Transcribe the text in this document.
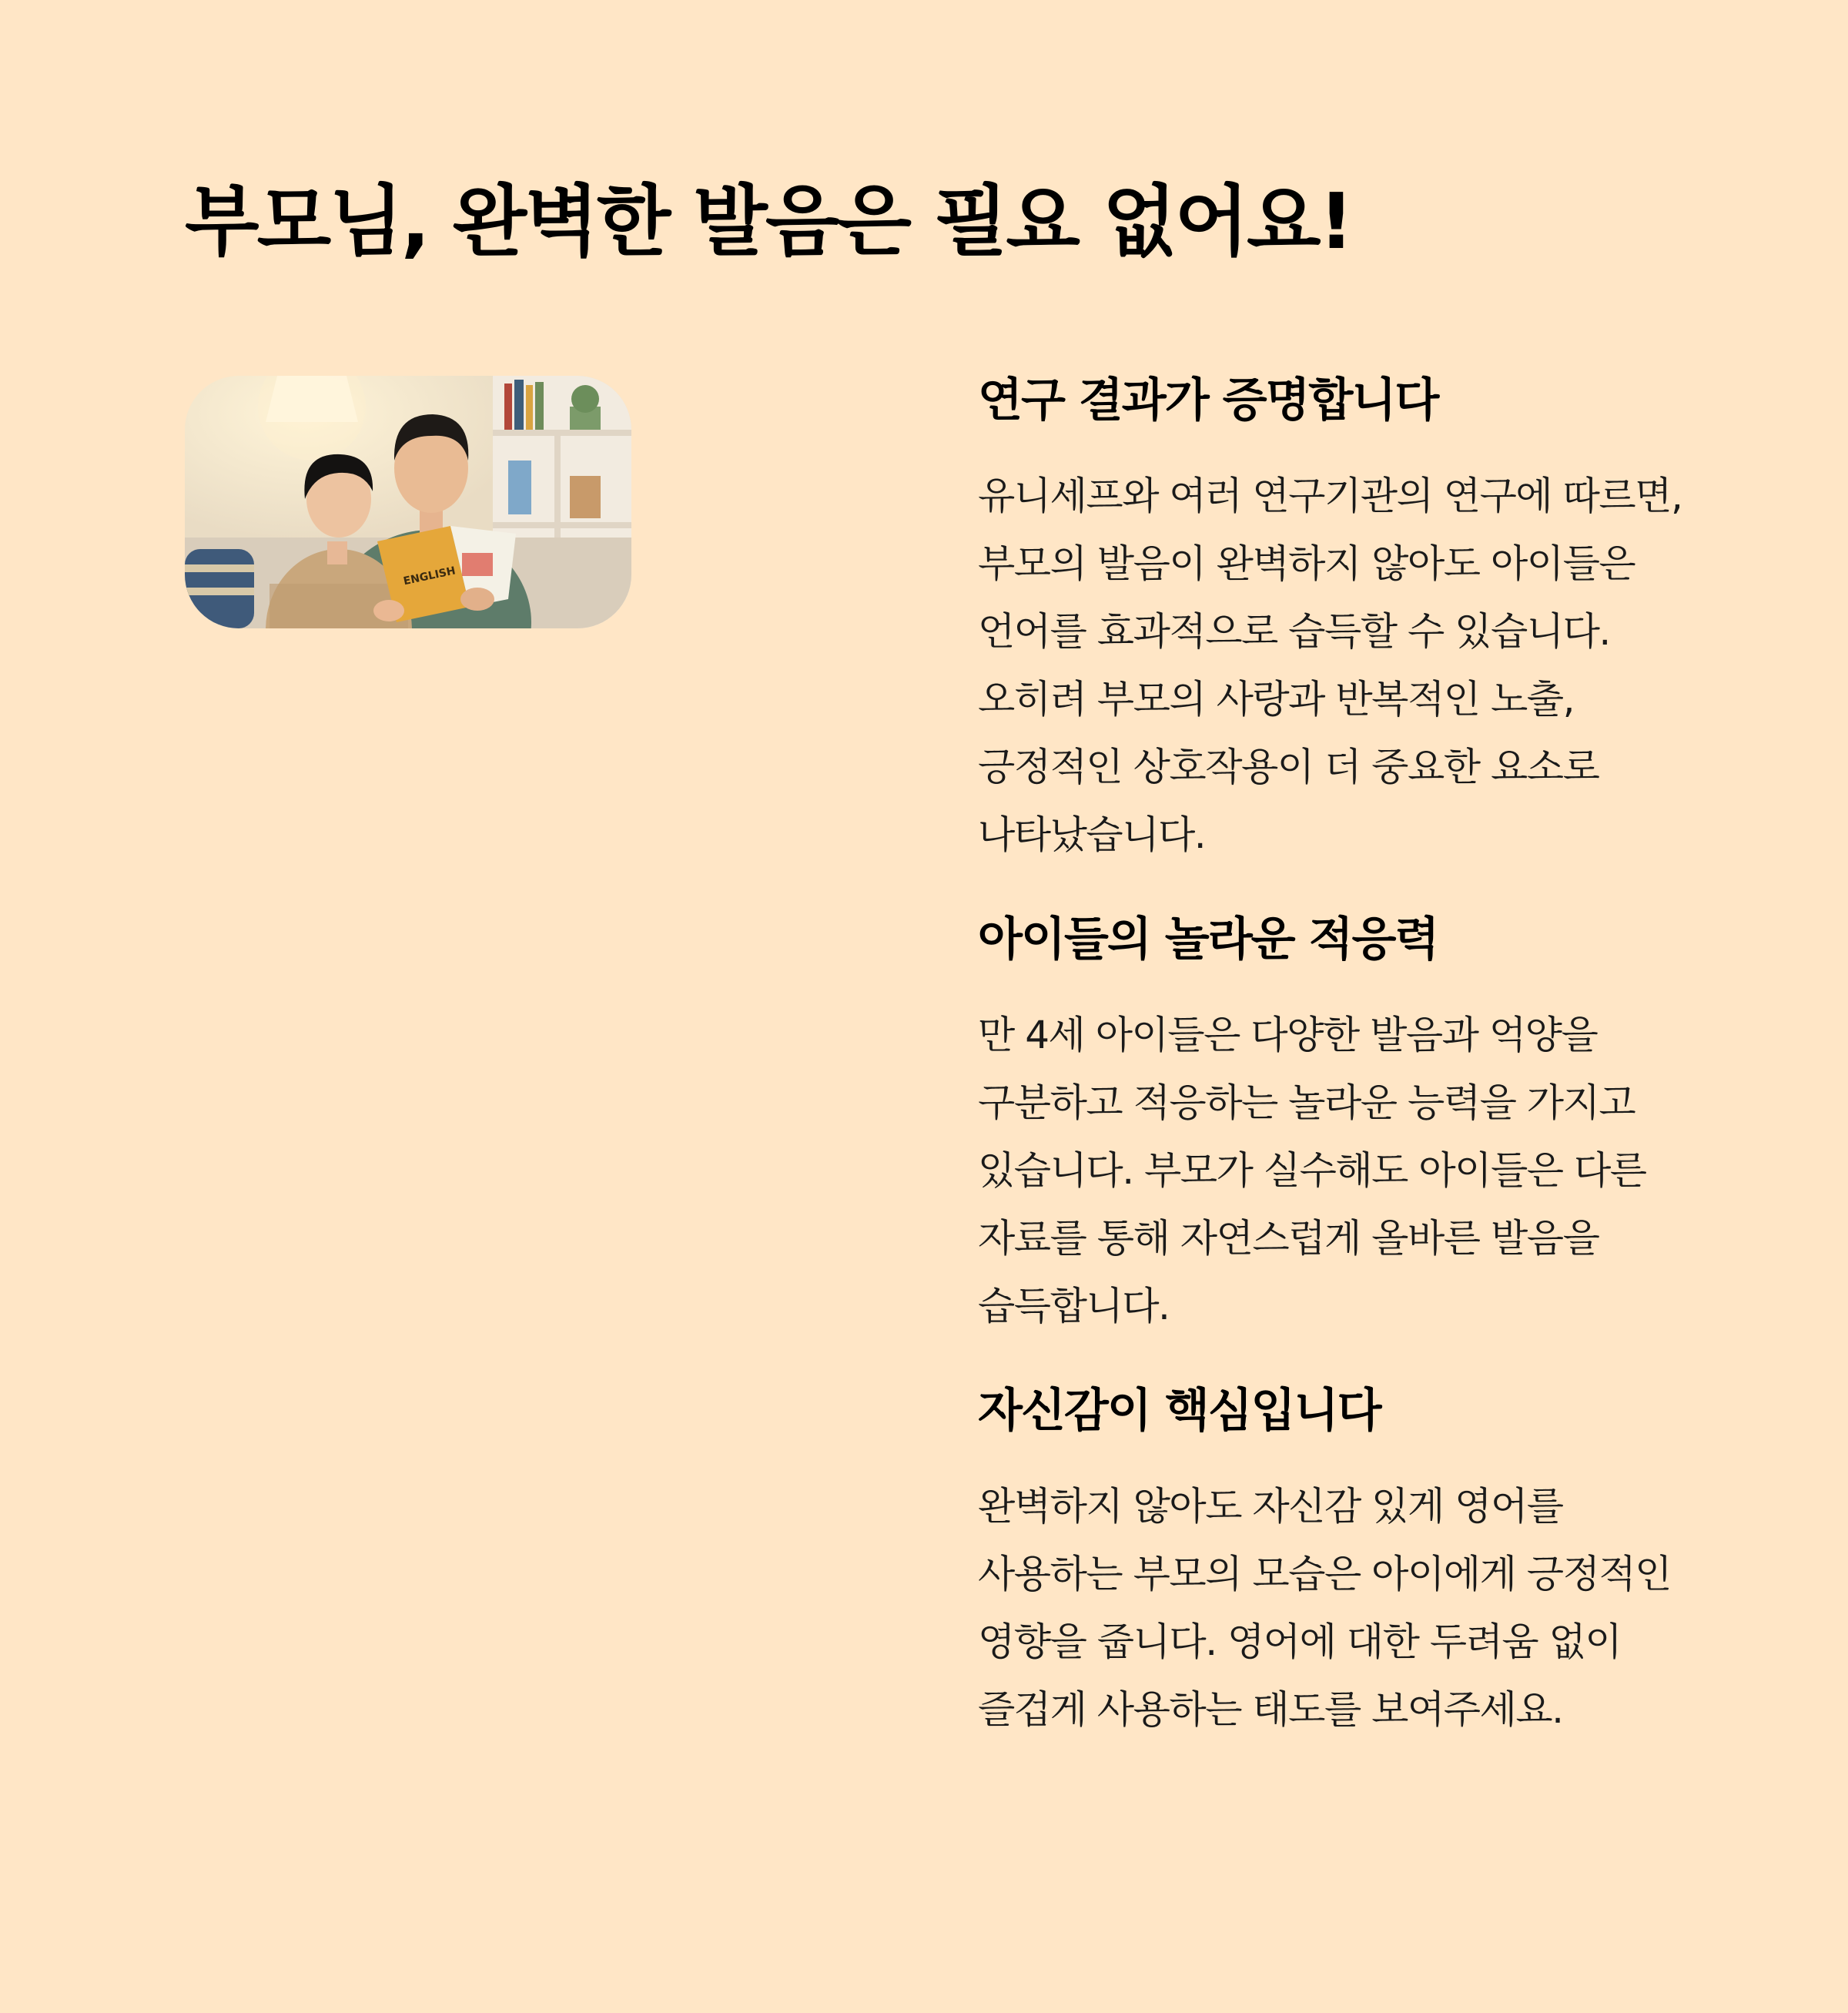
부모님, 완벽한 발음은 필요 없어요!
ENGLISH
연구 결과가 증명합니다

유니세프와 여러 연구기관의 연구에 따르면, 부모의 발음이 완벽하지 않아도 아이들은 언어를 효과적으로 습득할 수 있습니다. 오히려 부모의 사랑과 반복적인 노출, 긍정적인 상호작용이 더 중요한 요소로 나타났습니다.

아이들의 놀라운 적응력

만 4세 아이들은 다양한 발음과 억양을 구분하고 적응하는 놀라운 능력을 가지고 있습니다. 부모가 실수해도 아이들은 다른 자료를 통해 자연스럽게 올바른 발음을 습득합니다.

자신감이 핵심입니다

완벽하지 않아도 자신감 있게 영어를 사용하는 부모의 모습은 아이에게 긍정적인 영향을 줍니다. 영어에 대한 두려움 없이 즐겁게 사용하는 태도를 보여주세요.
